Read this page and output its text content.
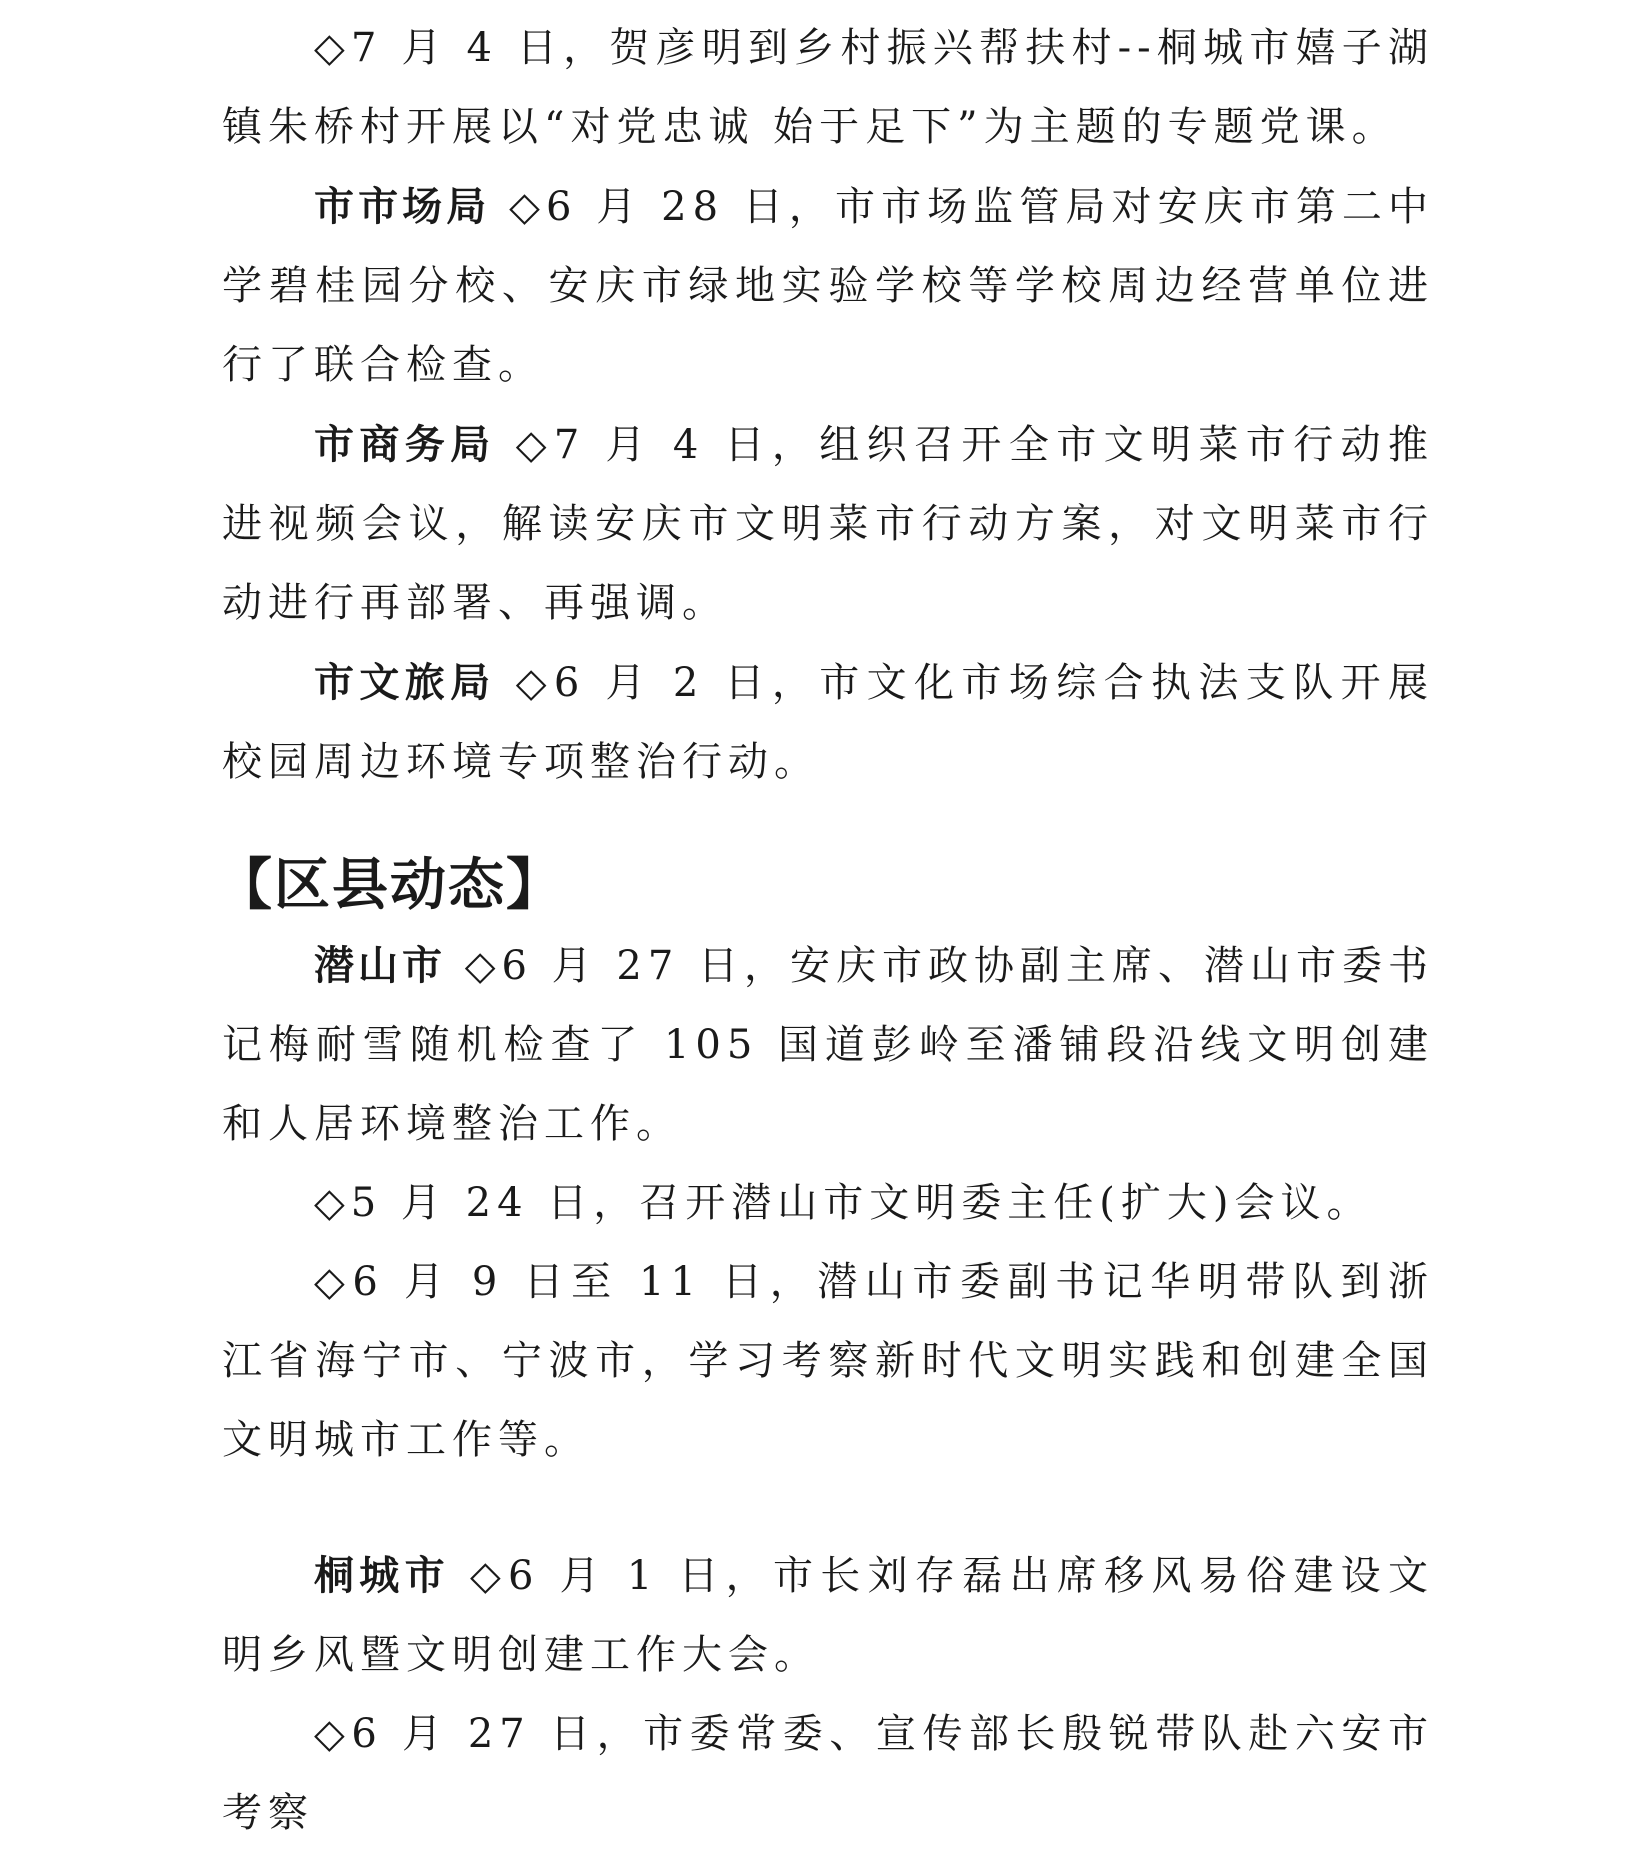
◇7 月 4 日，贺彦明到乡村振兴帮扶村--桐城市嬉子湖镇朱桥村开展以“对党忠诚 始于足下”为主题的专题党课。

市市场局 ◇6 月 28 日，市市场监管局对安庆市第二中学碧桂园分校、安庆市绿地实验学校等学校周边经营单位进行了联合检查。

市商务局 ◇7 月 4 日，组织召开全市文明菜市行动推进视频会议，解读安庆市文明菜市行动方案，对文明菜市行动进行再部署、再强调。

市文旅局 ◇6 月 2 日，市文化市场综合执法支队开展校园周边环境专项整治行动。

【区县动态】

潜山市 ◇6 月 27 日，安庆市政协副主席、潜山市委书记梅耐雪随机检查了 105 国道彭岭至潘铺段沿线文明创建和人居环境整治工作。

◇5 月 24 日，召开潜山市文明委主任(扩大)会议。

◇6 月 9 日至 11 日，潜山市委副书记华明带队到浙江省海宁市、宁波市，学习考察新时代文明实践和创建全国文明城市工作等。

桐城市 ◇6 月 1 日，市长刘存磊出席移风易俗建设文明乡风暨文明创建工作大会。

◇6 月 27 日，市委常委、宣传部长殷锐带队赴六安市考察
